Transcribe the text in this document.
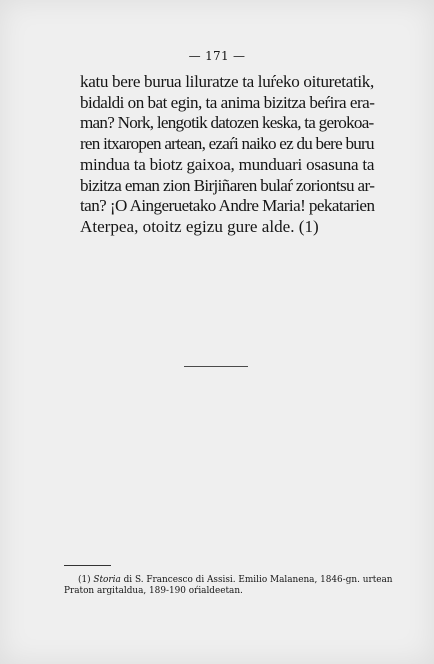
— 171 —
katu bere burua liluratze ta luŕeko oituretatik,
bidaldi on bat egin, ta anima bizitza beŕira era-
man? Nork, lengotik datozen keska, ta gerokoa-
ren itxaropen artean, ezaŕi naiko ez du bere buru
mindua ta biotz gaixoa, munduari osasuna ta
bizitza eman zion Birjiñaren bulaŕ zoriontsu ar-
tan? ¡O Aingeruetako Andre Maria! pekatarien
Aterpea, otoitz egizu gure alde. (1)
(1) Storia di S. Francesco di Assisi. Emilio Malanena, 1846-gn. urtean
Praton argitaldua, 189-190 oŕialdeetan.
